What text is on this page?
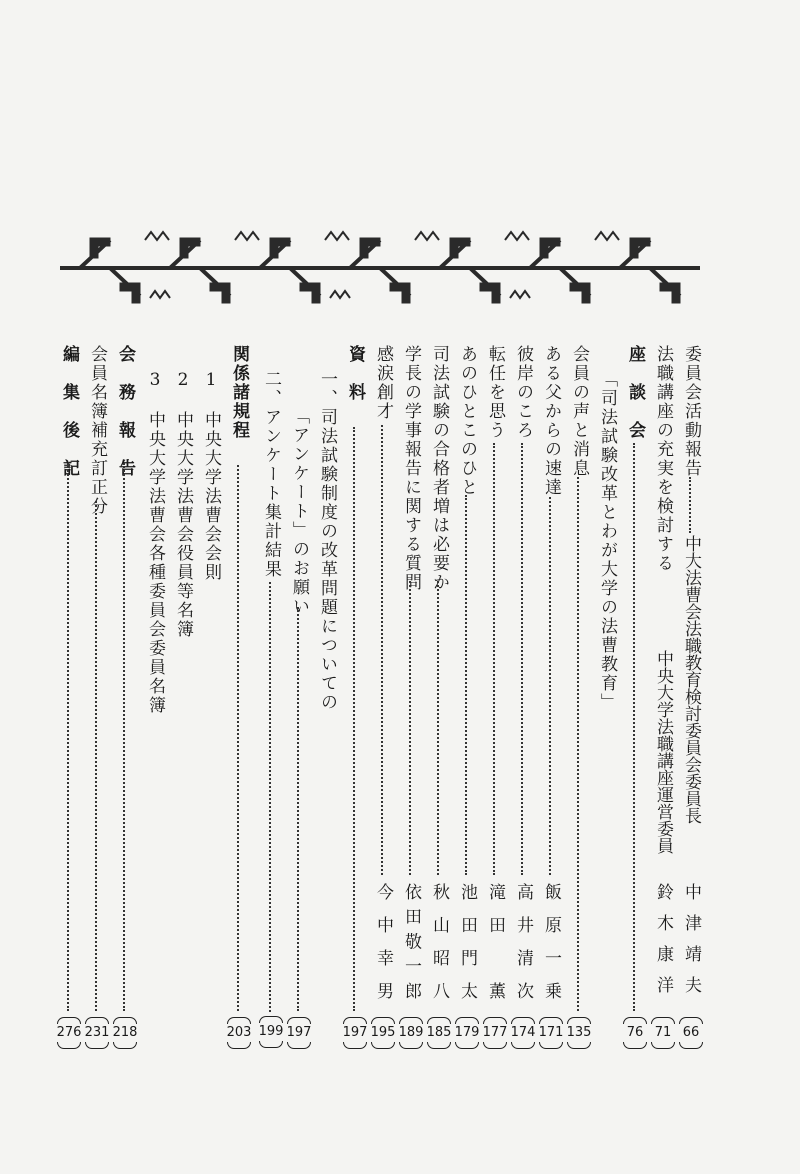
委員会活動報告
中大法曹会法職教育検討委員会委員長
66
中津靖夫
法職講座の充実を検討する
71
中央大学法職講座運営委員
鈴木康洋
座　談　会
76
「司法試験改革とわが大学の法曹教育」
会員の声と消息
135
ある父からの速達
飯原一乗
171
彼岸のころ
高井清次
174
転任を思う
滝田　薫
177
あのひとこのひと
池田門太
179
司法試験の合格者増は必要か
秋山昭八
185
学長の学事報告に関する質問
依田敬一郎
189
感涙創才
今中幸男
195
資　料
197
一、司法試験制度の改革問題についての
「アンケート」のお願い
197
二、アンケート集計結果
199
関係諸規程
203
1　中央大学法曹会会則
2　中央大学法曹会役員等名簿
3　中央大学法曹会各種委員会委員名簿
会　務　報　告
218
会員名簿補充訂正分
231
編　集　後　記
276
